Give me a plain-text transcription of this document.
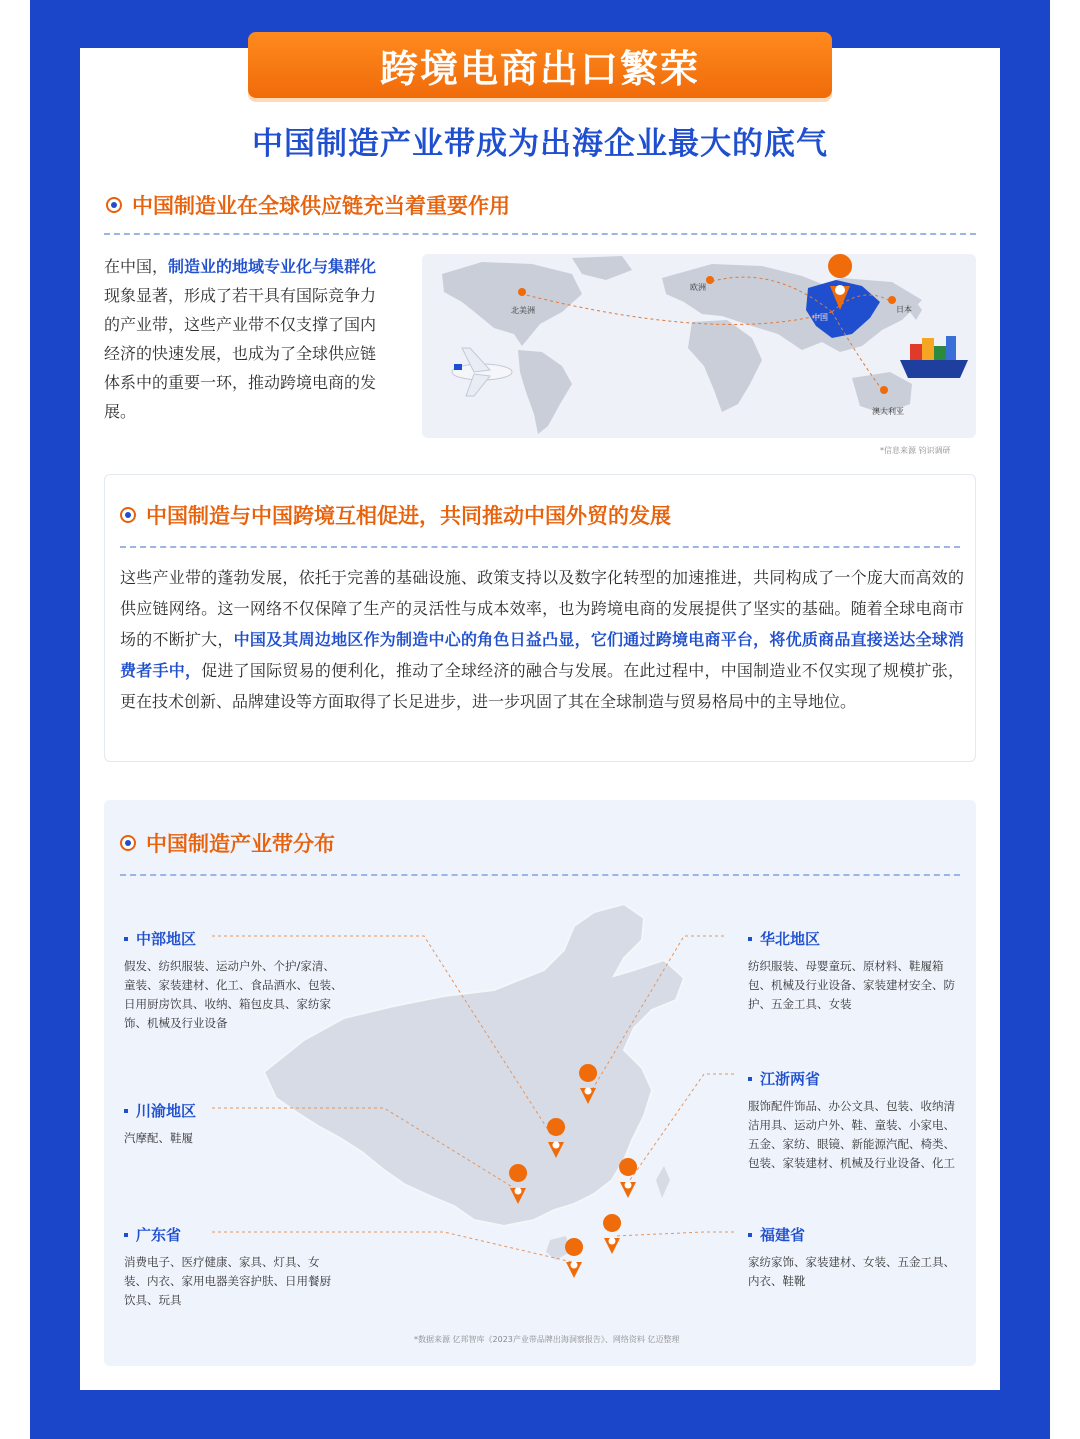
跨境电商出口繁荣
中国制造产业带成为出海企业最大的底气
中国制造业在全球供应链充当着重要作用
在中国，制造业的地域专业化与集群化现象显著，形成了若干具有国际竞争力的产业带，这些产业带不仅支撑了国内经济的快速发展，也成为了全球供应链体系中的重要一环，推动跨境电商的发展。
北美洲
欧洲
中国
日本
澳大利亚
*信息来源 钧识调研
中国制造与中国跨境互相促进，共同推动中国外贸的发展
这些产业带的蓬勃发展，依托于完善的基础设施、政策支持以及数字化转型的加速推进，共同构成了一个庞大而高效的供应链网络。这一网络不仅保障了生产的灵活性与成本效率，也为跨境电商的发展提供了坚实的基础。随着全球电商市场的不断扩大，中国及其周边地区作为制造中心的角色日益凸显，它们通过跨境电商平台，将优质商品直接送达全球消费者手中，促进了国际贸易的便利化，推动了全球经济的融合与发展。在此过程中，中国制造业不仅实现了规模扩张，更在技术创新、品牌建设等方面取得了长足进步，进一步巩固了其在全球制造与贸易格局中的主导地位。
中国制造产业带分布
中部地区
假发、纺织服装、运动户外、个护/家清、童装、家装建材、化工、食品酒水、包装、日用厨房饮具、收纳、箱包皮具、家纺家饰、机械及行业设备
川渝地区
汽摩配、鞋履
广东省
消费电子、医疗健康、家具、灯具、女装、内衣、家用电器美容护肤、日用餐厨饮具、玩具
华北地区
纺织服装、母婴童玩、原材料、鞋履箱包、机械及行业设备、家装建材安全、防护、五金工具、女装
江浙两省
服饰配件饰品、办公文具、包装、收纳清洁用具、运动户外、鞋、童装、小家电、五金、家纺、眼镜、新能源汽配、椅类、包装、家装建材、机械及行业设备、化工
福建省
家纺家饰、家装建材、女装、五金工具、内衣、鞋靴
*数据来源 亿邦智库《2023产业带品牌出海洞察报告》、网络资料 亿迈整理
